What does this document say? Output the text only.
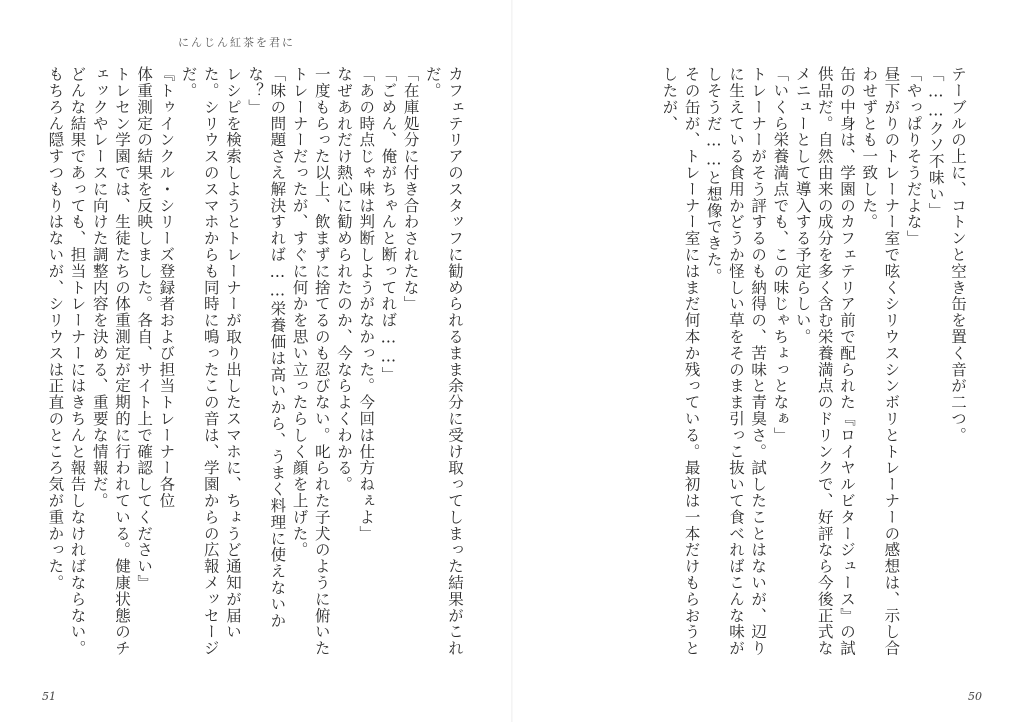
にんじん紅茶を君に
カフェテリアのスタッフに勧められるまま余分に受け取ってしまった結果がこれだ。
「在庫処分に付き合わされたな」
「ごめん、俺がちゃんと断ってれば……」
「あの時点じゃ味は判断しようがなかった。今回は仕方ねぇよ」
なぜあれだけ熱心に勧められたのか、今ならよくわかる。
一度もらった以上、飲まずに捨てるのも忍びない。叱られた子犬のように俯いたトレーナーだったが、すぐに何かを思い立ったらしく顔を上げた。
「味の問題さえ解決すれば……栄養価は高いから、うまく料理に使えないかな？」
レシピを検索しようとトレーナーが取り出したスマホに、ちょうど通知が届いた。シリウスのスマホからも同時に鳴ったこの音は、学園からの広報メッセージだ。
『トゥインクル・シリーズ登録者および担当トレーナー各位
体重測定の結果を反映しました。各自、サイト上で確認してください』
トレセン学園では、生徒たちの体重測定が定期的に行われている。健康状態のチェックやレースに向けた調整内容を決める、重要な情報だ。
どんな結果であっても、担当トレーナーにはきちんと報告しなければならない。もちろん隠すつもりはないが、シリウスは正直のところ気が重かった。
51
テーブルの上に、コトンと空き缶を置く音が二つ。
「……クソ不味い」
「やっぱりそうだよな」
昼下がりのトレーナー室で呟くシリウスシンボリとトレーナーの感想は、示し合わせずとも一致した。
缶の中身は、学園のカフェテリア前で配られた『ロイヤルビタージュース』の試供品だ。自然由来の成分を多く含む栄養満点のドリンクで、好評なら今後正式なメニューとして導入する予定らしい。
「いくら栄養満点でも、この味じゃちょっとなぁ」
トレーナーがそう評するのも納得の、苦味と青臭さ。試したことはないが、辺りに生えている食用かどうか怪しい草をそのまま引っこ抜いて食べればこんな味がしそうだ……と想像できた。
その缶が、トレーナー室にはまだ何本か残っている。最初は一本だけもらおうとしたが、
50
